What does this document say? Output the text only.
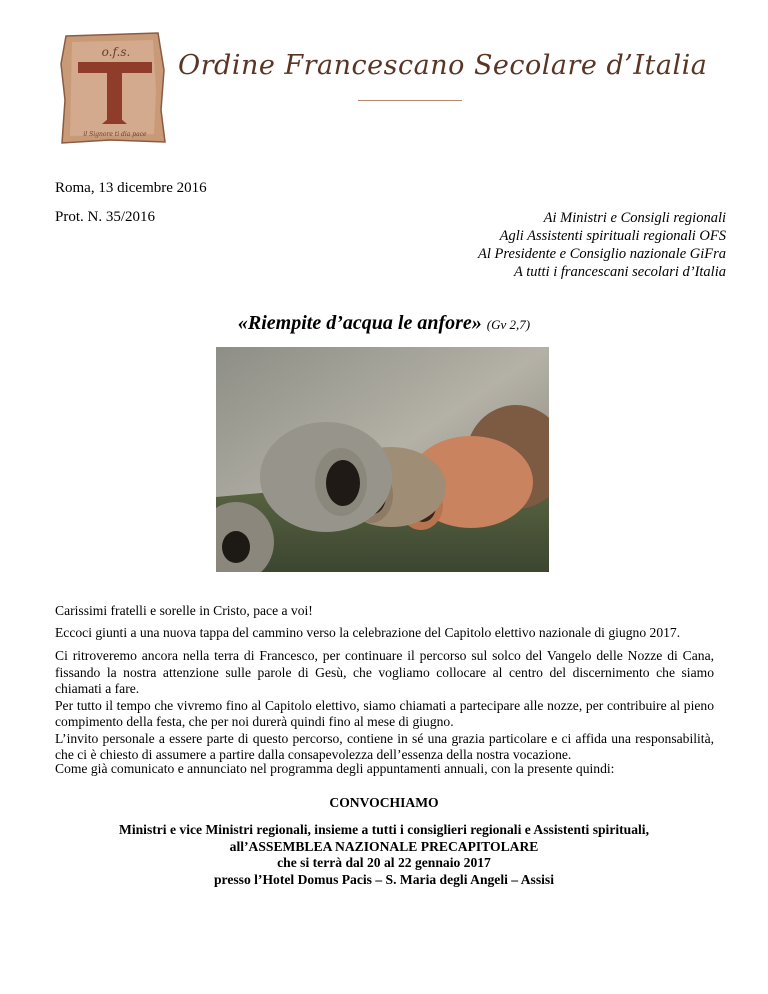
o.f.s.
il Signore ti dia pace
Ordine Francescano Secolare d’Italia
Roma, 13 dicembre 2016
Prot. N. 35/2016	Ai Ministri e Consigli regionali
Agli Assistenti spirituali regionali OFS
Al Presidente e Consiglio nazionale GiFra
A tutti i francescani secolari d’Italia
«Riempite d’acqua le anfore» (Gv 2,7)

Carissimi fratelli e sorelle in Cristo, pace a voi!

Eccoci giunti a una nuova tappa del cammino verso la celebrazione del Capitolo elettivo nazionale di giugno 2017.

Ci ritroveremo ancora nella terra di Francesco, per continuare il percorso sul solco del Vangelo delle Nozze di Cana, fissando la nostra attenzione sulle parole di Gesù, che vogliamo collocare al centro del discernimento che siamo chiamati a fare.
Per tutto il tempo che vivremo fino al Capitolo elettivo, siamo chiamati a partecipare alle nozze, per contribuire al pieno compimento della festa, che per noi durerà quindi fino al mese di giugno.
L’invito personale a essere parte di questo percorso, contiene in sé una grazia particolare e ci affida una responsabilità, che ci è chiesto di assumere a partire dalla consapevolezza dell’essenza della nostra vocazione.

Come già comunicato e annunciato nel programma degli appuntamenti annuali, con la presente quindi:

CONVOCHIAMO
Ministri e vice Ministri regionali, insieme a tutti i consiglieri regionali e Assistenti spirituali,
all’ASSEMBLEA NAZIONALE PRECAPITOLARE
che si terrà dal 20 al 22 gennaio 2017
presso l’Hotel Domus Pacis – S. Maria degli Angeli – Assisi
